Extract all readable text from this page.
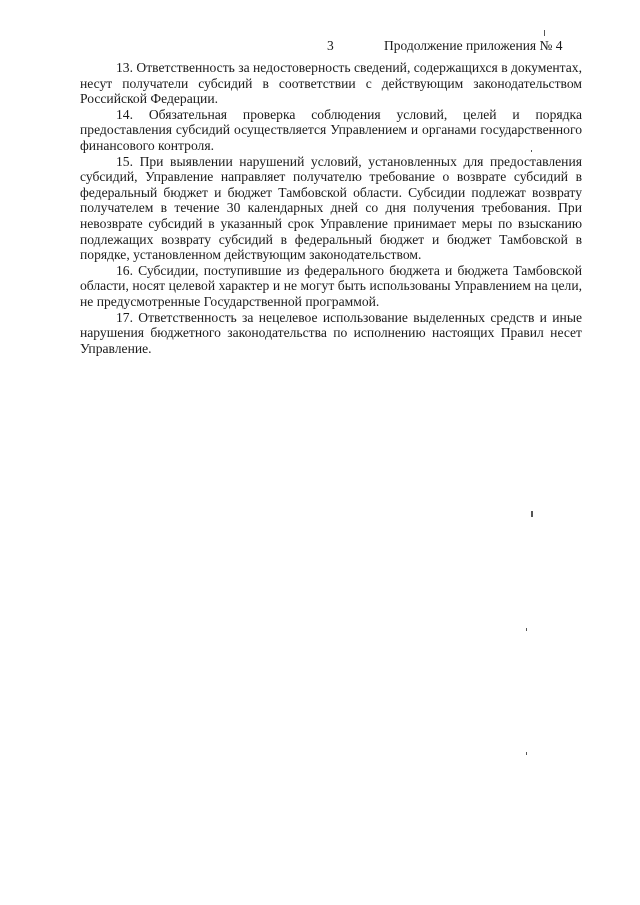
3	Продолжение приложения № 4

13. Ответственность за недостоверность сведений, содержащихся в документах, несут получатели субсидий в соответствии с действующим законодательством Российской Федерации.

14. Обязательная проверка соблюдения условий, целей и порядка предоставления субсидий осуществляется Управлением и органами государственного финансового контроля.

15. При выявлении нарушений условий, установленных для предоставления субсидий, Управление направляет получателю требование о возврате субсидий в федеральный бюджет и бюджет Тамбовской области. Субсидии подлежат возврату получателем в течение 30 календарных дней со дня получения требования. При невозврате субсидий в указанный срок Управление принимает меры по взысканию подлежащих возврату субсидий в федеральный бюджет и бюджет Тамбовской в порядке, установленном действующим законодательством.

16. Субсидии, поступившие из федерального бюджета и бюджета Тамбовской области, носят целевой характер и не могут быть использованы Управлением на цели, не предусмотренные Государственной программой.

17. Ответственность за нецелевое использование выделенных средств и иные нарушения бюджетного законодательства по исполнению настоящих Правил несет Управление.
